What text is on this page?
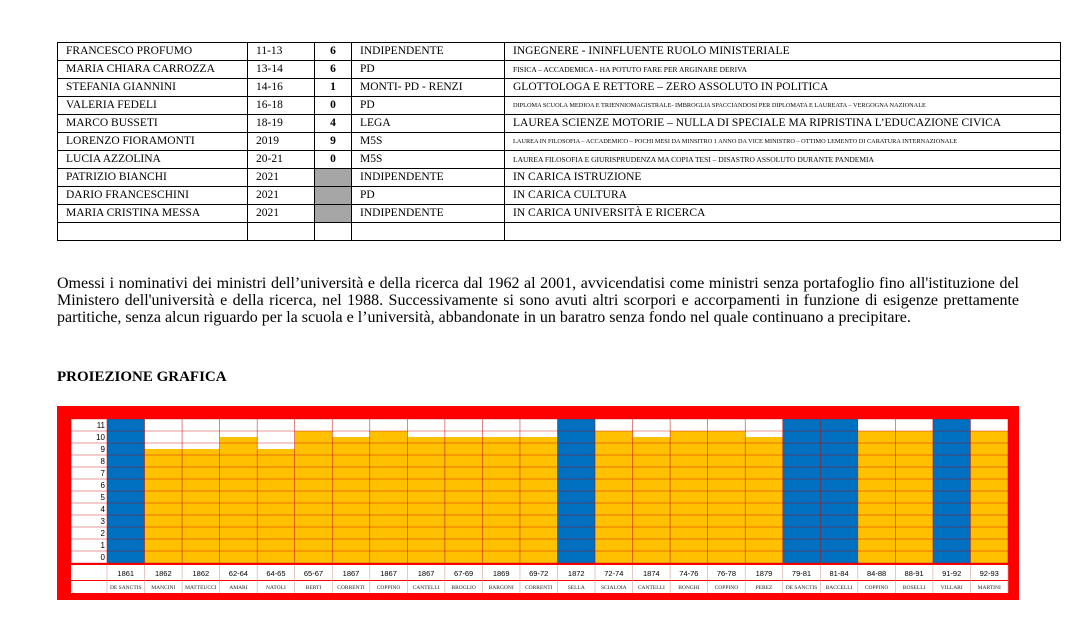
FRANCESCO PROFUMO	11-13	6	INDIPENDENTE	INGEGNERE - ININFLUENTE RUOLO MINISTERIALE
MARIA CHIARA CARROZZA	13-14	6	PD	FISICA – ACCADEMICA - HA POTUTO FARE PER ARGINARE DERIVA
STEFANIA GIANNINI	14-16	1	MONTI- PD - RENZI	GLOTTOLOGA E RETTORE – ZERO ASSOLUTO IN POLITICA
VALERIA FEDELI	16-18	0	PD	DIPLOMA SCUOLA MEDIOA E TRIENNIOMAGISTRALE- IMBROGLIA SPACCIANDOSI PER DIPLOMATA E LAUREATA – VERGOGNA NAZIONALE
MARCO BUSSETI	18-19	4	LEGA	LAUREA SCIENZE MOTORIE – NULLA DI SPECIALE MA RIPRISTINA L’EDUCAZIONE CIVICA
LORENZO FIORAMONTI	2019	9	M5S	LAUREA IN FILOSOFIA – ACCADEMICO – POCHI MESI DA MINSITRO 1 ANNO DA VICE MINISTRO – OTTIMO LEMENTO DI CARATURA INTERNAZIONALE
LUCIA AZZOLINA	20-21	0	M5S	LAUREA FILOSOFIA E GIURISPRUDENZA MA COPIA TESI – DISASTRO ASSOLUTO DURANTE PANDEMIA
PATRIZIO BIANCHI	2021		INDIPENDENTE	IN CARICA ISTRUZIONE
DARIO FRANCESCHINI	2021		PD	IN CARICA CULTURA
MARIA CRISTINA MESSA	2021		INDIPENDENTE	IN CARICA UNIVERSITÀ E RICERCA

Omessi i nominativi dei ministri dell’università e della ricerca dal 1962 al 2001, avvicendatisi come ministri senza portafoglio fino all'istituzione del Ministero dell'università e della ricerca, nel 1988. Successivamente si sono avuti altri scorpori e accorpamenti in funzione di esigenze prettamente partitiche, senza alcun riguardo per la scuola e l’università, abbandonate in un baratro senza fondo nel quale continuano a precipitare.

PROIEZIONE GRAFICA
0
1
2
3
4
5
6
7
8
9
10
11
1861	1862	1862	62-64 64-65 65-67	1867	1867	1867	67-69	1869	69-72	1872	72-74	1874	74-76 76-78	1879	79-81 81-84 84-88 88-91 91-92 92-93
DE SANCTIS	MANCINI	MATTEUCCI	AMARI	NATOLI	BERTI	CORRENTI	COPPINO	CANTELLI	BROGLIO	BARGONI	CORRENTI	SELLA	SCIALOIA	CANTELLI	BONGHI	COPPINO	PEREZ	DE SANCTIS	BACCELLI	COPPINO	BOSELLI	VILLARI	MARTINI
